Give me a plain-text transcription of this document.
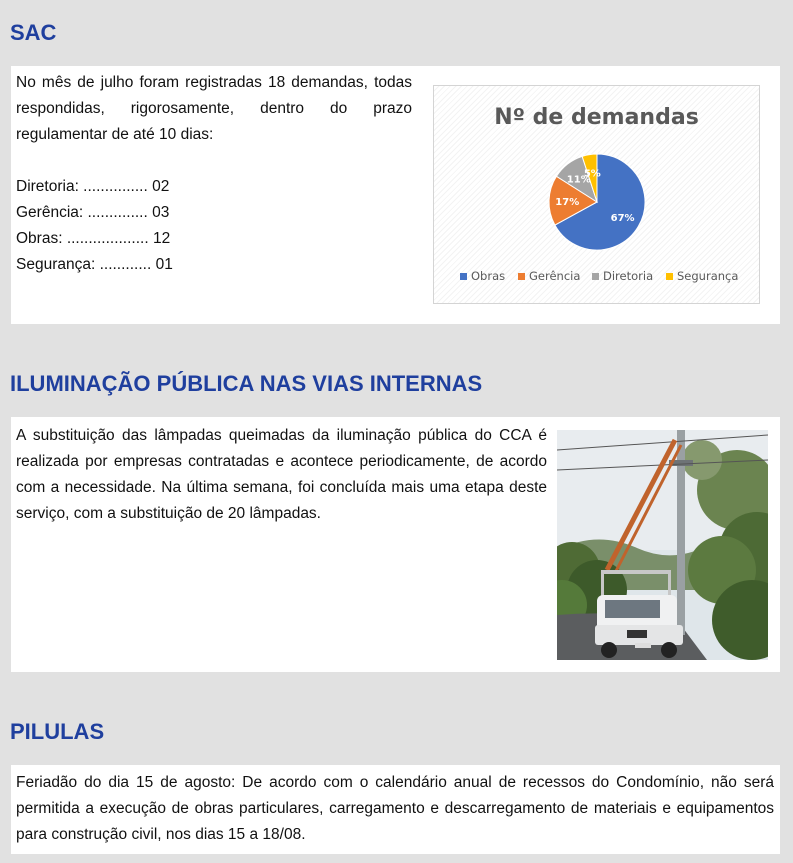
SAC
No mês de julho foram registradas 18 demandas, todas respondidas, rigorosamente, dentro do prazo regulamentar de até 10 dias:
Diretoria: ............... 02
Gerência: .............. 03
Obras: ................... 12
Segurança: ............ 01
Nº de demandas
67%
17%
11%
5%
Obras Gerência Diretoria Segurança
ILUMINAÇÃO PÚBLICA NAS VIAS INTERNAS
A substituição das lâmpadas queimadas da iluminação pública do CCA é realizada por empresas contratadas e acontece periodicamente, de acordo com a necessidade. Na última semana, foi concluída mais uma etapa deste serviço, com a substituição de 20 lâmpadas.
PILULAS
Feriadão do dia 15 de agosto: De acordo com o calendário anual de recessos do Condomínio, não será permitida a execução de obras particulares, carregamento e descarregamento de materiais e equipamentos para construção civil, nos dias 15 a 18/08.
